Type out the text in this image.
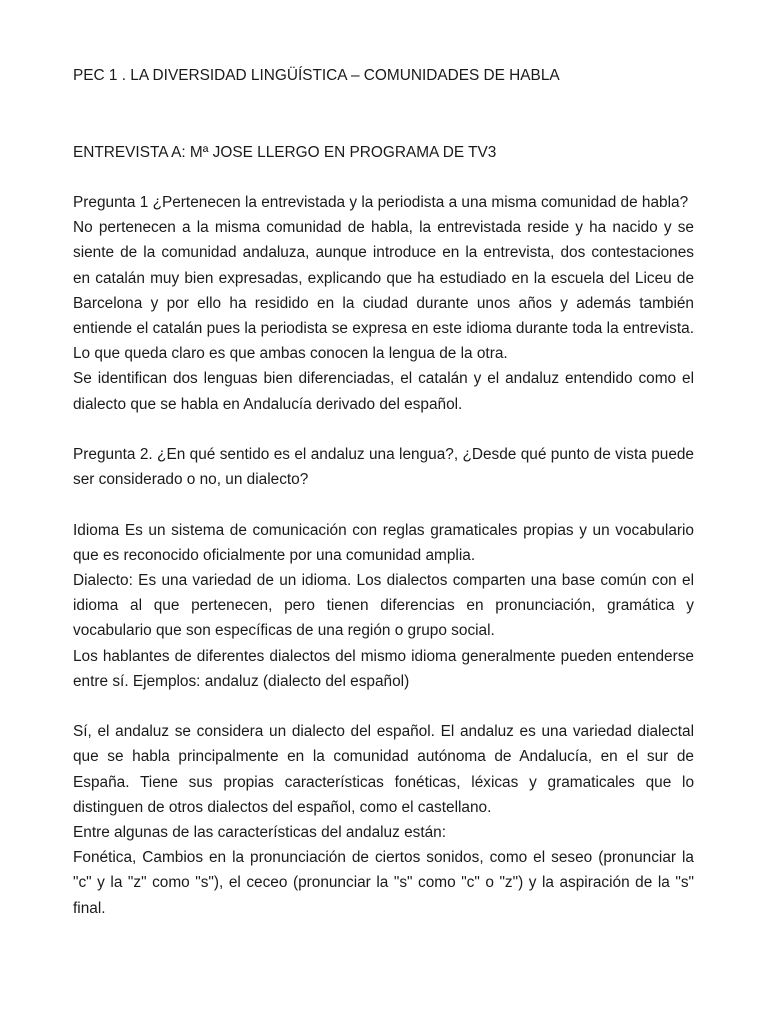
PEC 1 . LA DIVERSIDAD LINGÜÍSTICA – COMUNIDADES DE HABLA
ENTREVISTA A: Mª JOSE LLERGO EN PROGRAMA DE TV3

Pregunta 1 ¿Pertenecen la entrevistada y la periodista a una misma comunidad de habla?

No pertenecen a la misma comunidad de habla, la entrevistada reside y ha nacido y se siente de la comunidad andaluza, aunque introduce en la entrevista, dos contestaciones en catalán muy bien expresadas, explicando que ha estudiado en la escuela del Liceu de Barcelona y por ello ha residido en la ciudad durante unos años y además también entiende el catalán pues la periodista se expresa en este idioma durante toda la entrevista. Lo que queda claro es que ambas conocen la lengua de la otra.

Se identifican dos lenguas bien diferenciadas, el catalán y el andaluz entendido como el dialecto que se habla en Andalucía derivado del español.

Pregunta 2. ¿En qué sentido es el andaluz una lengua?, ¿Desde qué punto de vista puede ser considerado o no, un dialecto?

Idioma Es un sistema de comunicación con reglas gramaticales propias y un vocabulario que es reconocido oficialmente por una comunidad amplia.

Dialecto: Es una variedad de un idioma. Los dialectos comparten una base común con el idioma al que pertenecen, pero tienen diferencias en pronunciación, gramática y vocabulario que son específicas de una región o grupo social.

Los hablantes de diferentes dialectos del mismo idioma generalmente pueden entenderse entre sí. Ejemplos: andaluz (dialecto del español)

Sí, el andaluz se considera un dialecto del español. El andaluz es una variedad dialectal que se habla principalmente en la comunidad autónoma de Andalucía, en el sur de España. Tiene sus propias características fonéticas, léxicas y gramaticales que lo distinguen de otros dialectos del español, como el castellano.

Entre algunas de las características del andaluz están:

Fonética, Cambios en la pronunciación de ciertos sonidos, como el seseo (pronunciar la "c" y la "z" como "s"), el ceceo (pronunciar la "s" como "c" o "z") y la aspiración de la "s" final.
